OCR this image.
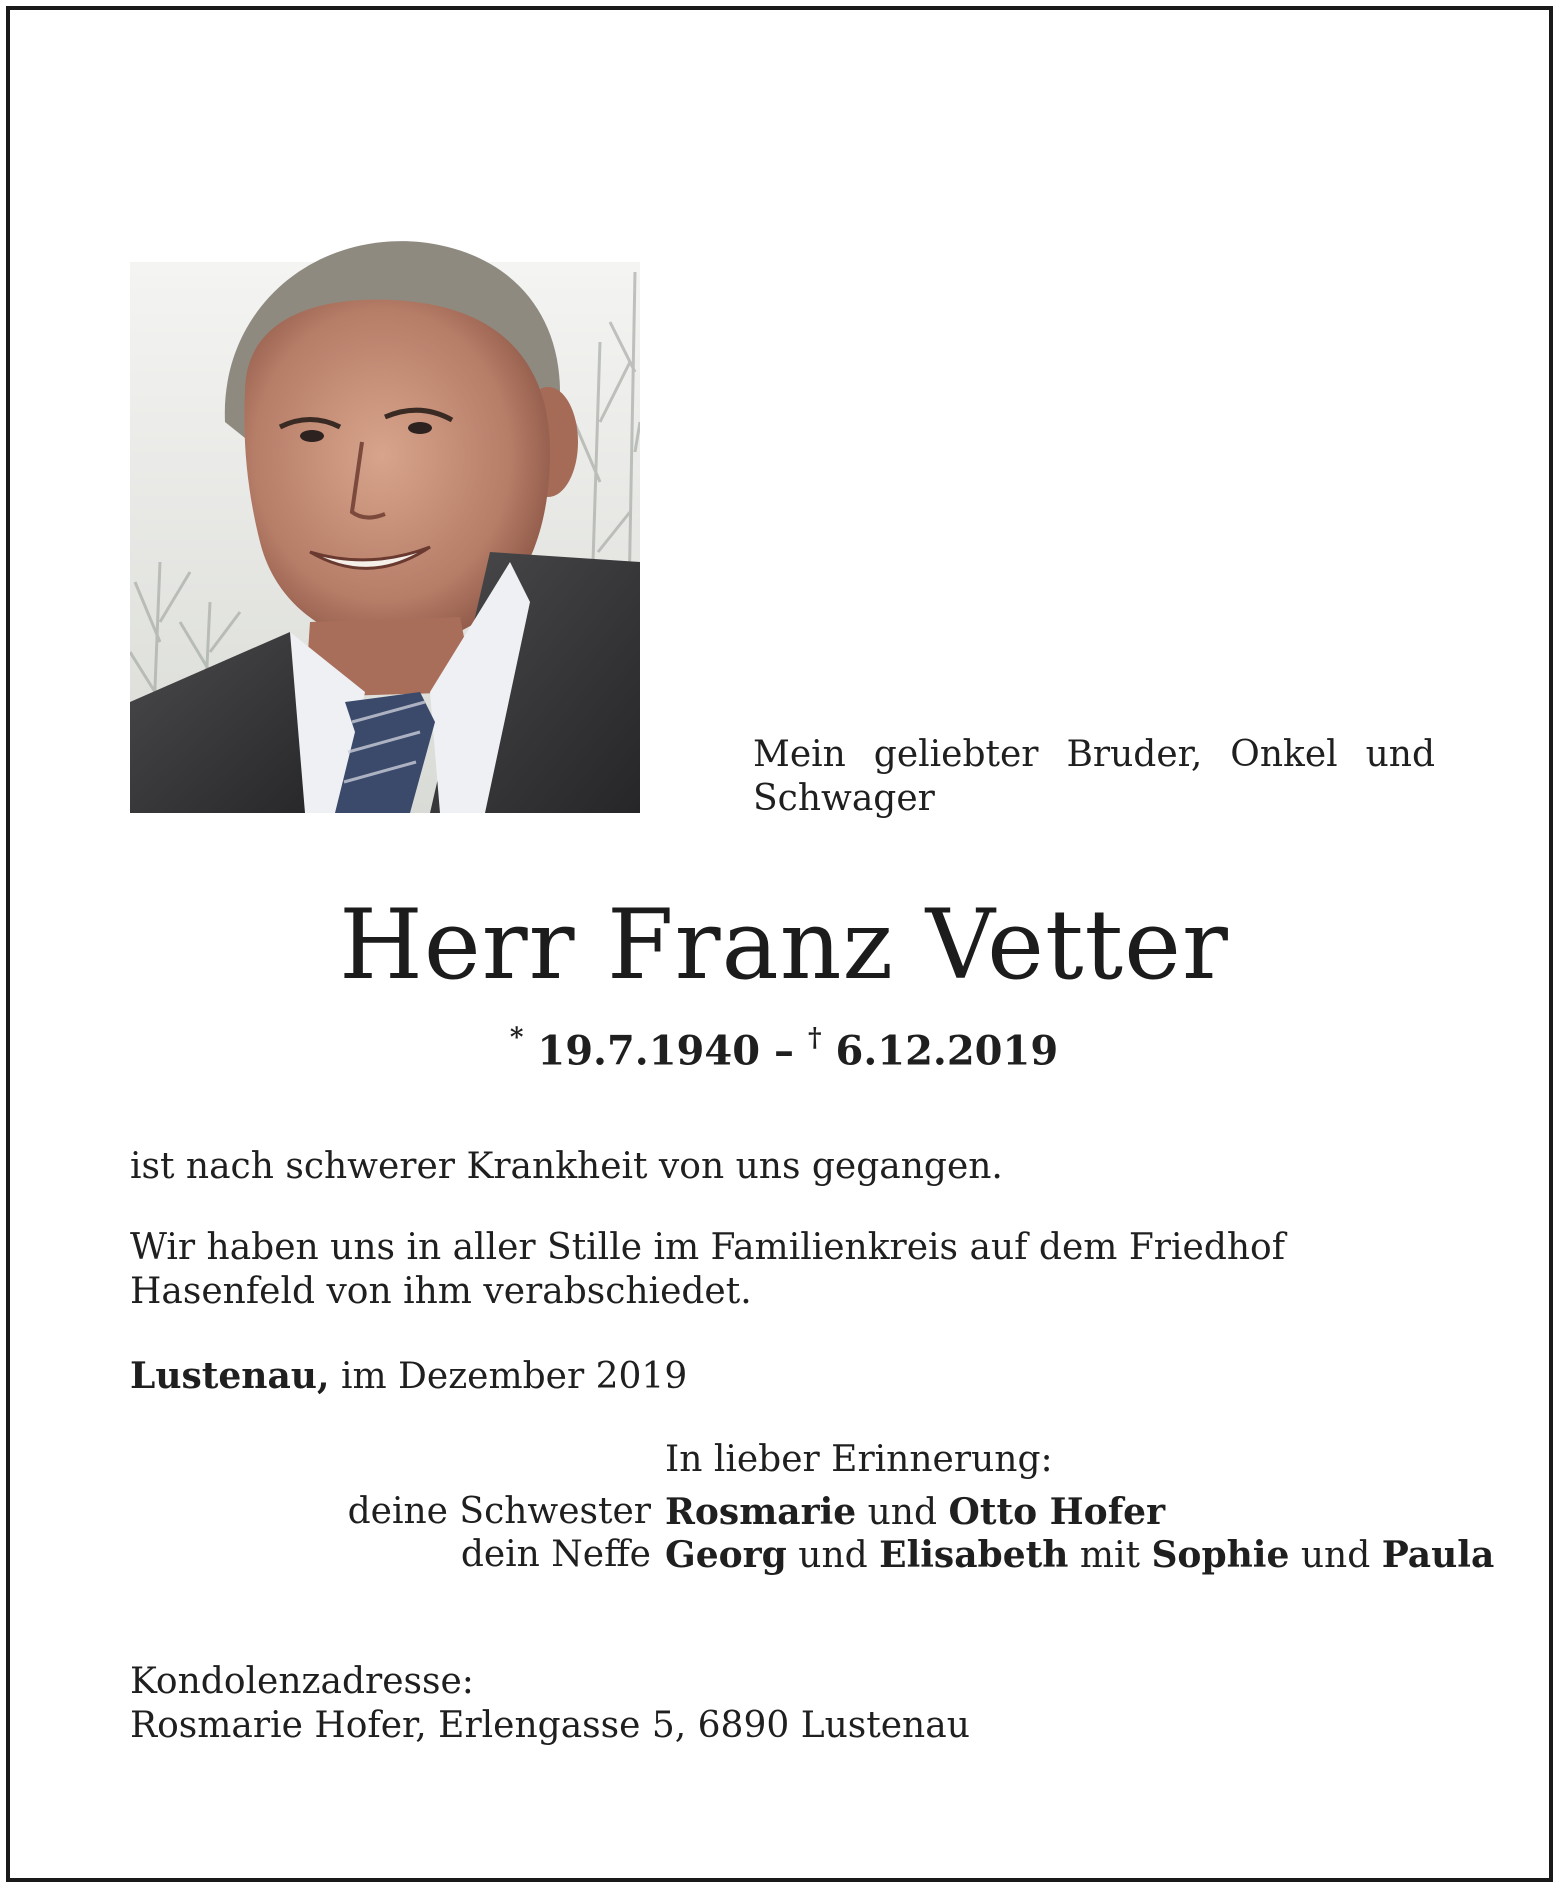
Mein geliebter Bruder, Onkel und Schwager

Herr Franz Vetter

* 19.7.1940 – † 6.12.2019

ist nach schwerer Krankheit von uns gegangen.

Wir haben uns in aller Stille im Familienkreis auf dem Friedhof Hasenfeld von ihm verabschiedet.

Lustenau, im Dezember 2019

In lieber Erinnerung:

deine Schwester Rosmarie und Otto Hofer
dein Neffe Georg und Elisabeth mit Sophie und Paula

Kondolenzadresse:
Rosmarie Hofer, Erlengasse 5, 6890 Lustenau
